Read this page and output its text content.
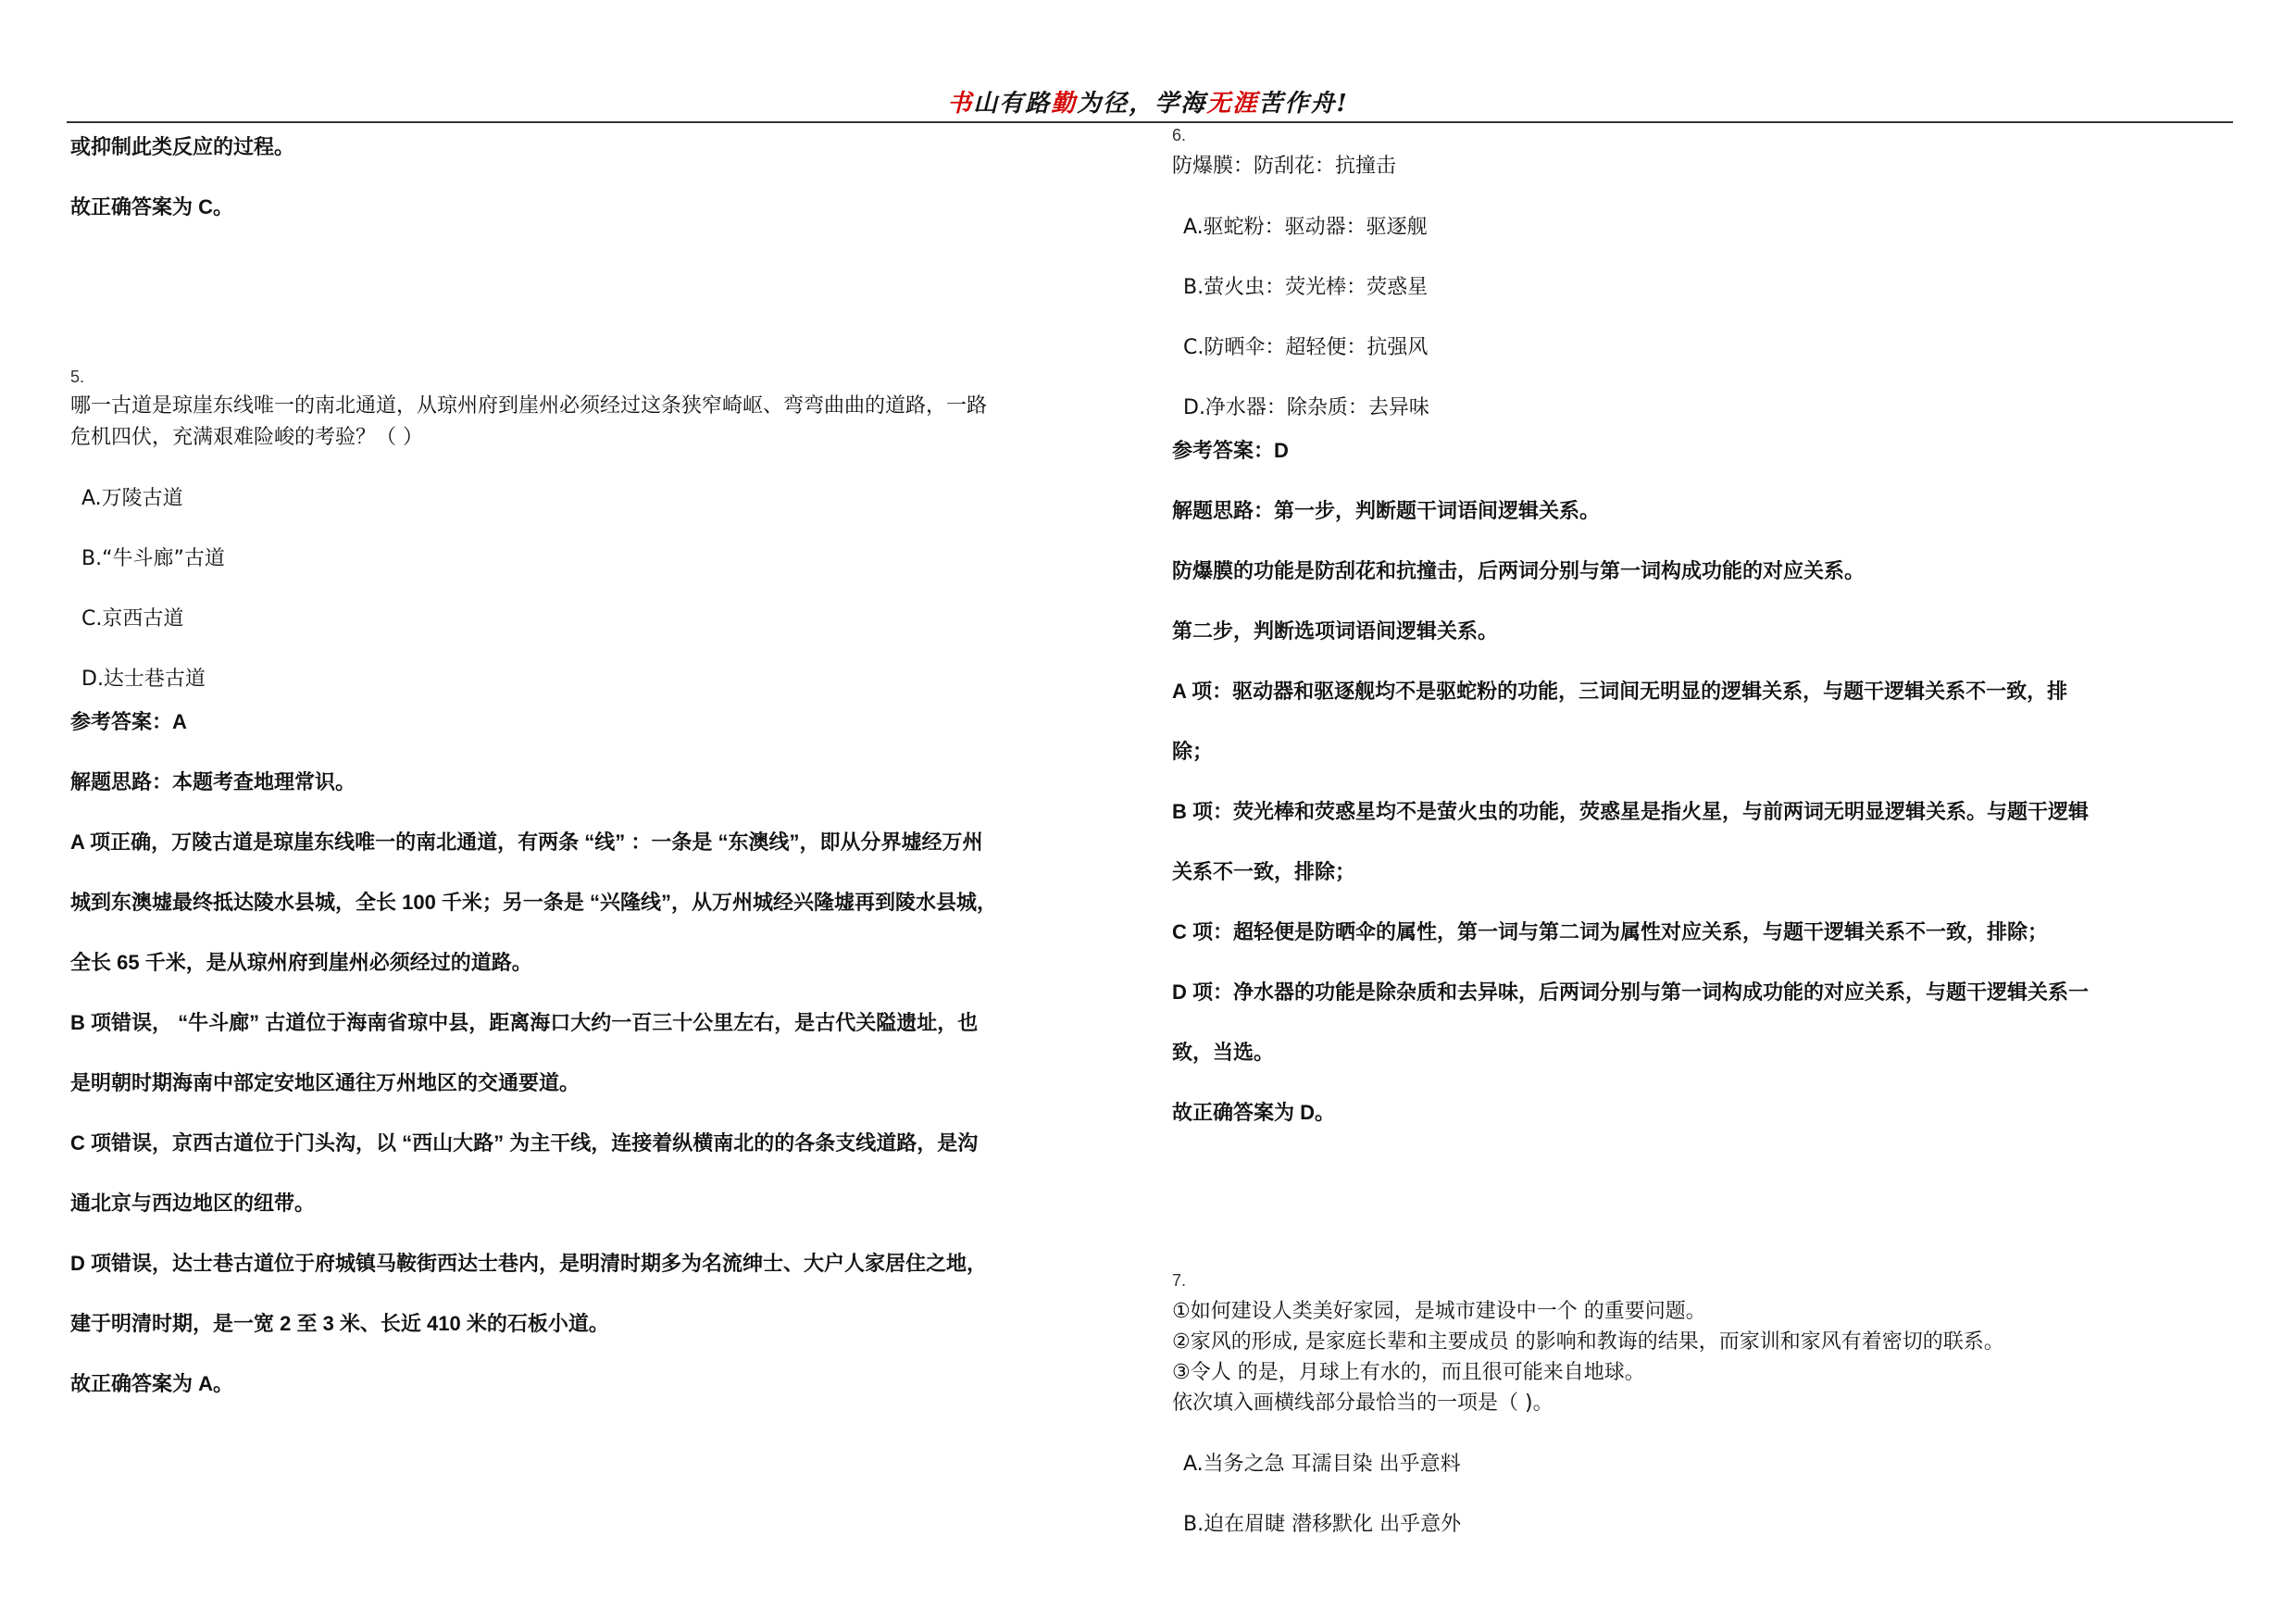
书山有路勤为径，学海无涯苦作舟!
或抑制此类反应的过程。
故正确答案为 C。
5.
哪一古道是琼崖东线唯一的南北通道，从琼州府到崖州必须经过这条狭窄崎岖、弯弯曲曲的道路，一路
危机四伏，充满艰难险峻的考验？（ ）
A.万陵古道
B.“牛斗廊”古道
C.京西古道
D.达士巷古道
参考答案：A
解题思路：本题考查地理常识。
A 项正确，万陵古道是琼崖东线唯一的南北通道，有两条 “线” ：一条是 “东澳线”，即从分界墟经万州
城到东澳墟最终抵达陵水县城，全长 100 千米；另一条是 “兴隆线”，从万州城经兴隆墟再到陵水县城，
全长 65 千米，是从琼州府到崖州必须经过的道路。
B 项错误， “牛斗廊” 古道位于海南省琼中县，距离海口大约一百三十公里左右，是古代关隘遗址，也
是明朝时期海南中部定安地区通往万州地区的交通要道。
C 项错误，京西古道位于门头沟，以 “西山大路” 为主干线，连接着纵横南北的的各条支线道路，是沟
通北京与西边地区的纽带。
D 项错误，达士巷古道位于府城镇马鞍街西达士巷内，是明清时期多为名流绅士、大户人家居住之地，
建于明清时期，是一宽 2 至 3 米、长近 410 米的石板小道。
故正确答案为 A。
6.
防爆膜：防刮花：抗撞击
A.驱蛇粉：驱动器：驱逐舰
B.萤火虫：荧光棒：荧惑星
C.防晒伞：超轻便：抗强风
D.净水器：除杂质：去异味
参考答案：D
解题思路：第一步，判断题干词语间逻辑关系。
防爆膜的功能是防刮花和抗撞击，后两词分别与第一词构成功能的对应关系。
第二步，判断选项词语间逻辑关系。
A 项：驱动器和驱逐舰均不是驱蛇粉的功能，三词间无明显的逻辑关系，与题干逻辑关系不一致，排
除；
B 项：荧光棒和荧惑星均不是萤火虫的功能，荧惑星是指火星，与前两词无明显逻辑关系。与题干逻辑
关系不一致，排除；
C 项：超轻便是防晒伞的属性，第一词与第二词为属性对应关系，与题干逻辑关系不一致，排除；
D 项：净水器的功能是除杂质和去异味，后两词分别与第一词构成功能的对应关系，与题干逻辑关系一
致，当选。
故正确答案为 D。
7.
①如何建设人类美好家园，是城市建设中一个 的重要问题。
②家风的形成, 是家庭长辈和主要成员 的影响和教诲的结果，而家训和家风有着密切的联系。
③令人 的是，月球上有水的，而且很可能来自地球。
依次填入画横线部分最恰当的一项是（ )。
A.当务之急 耳濡目染 出乎意料
B.迫在眉睫 潜移默化 出乎意外
